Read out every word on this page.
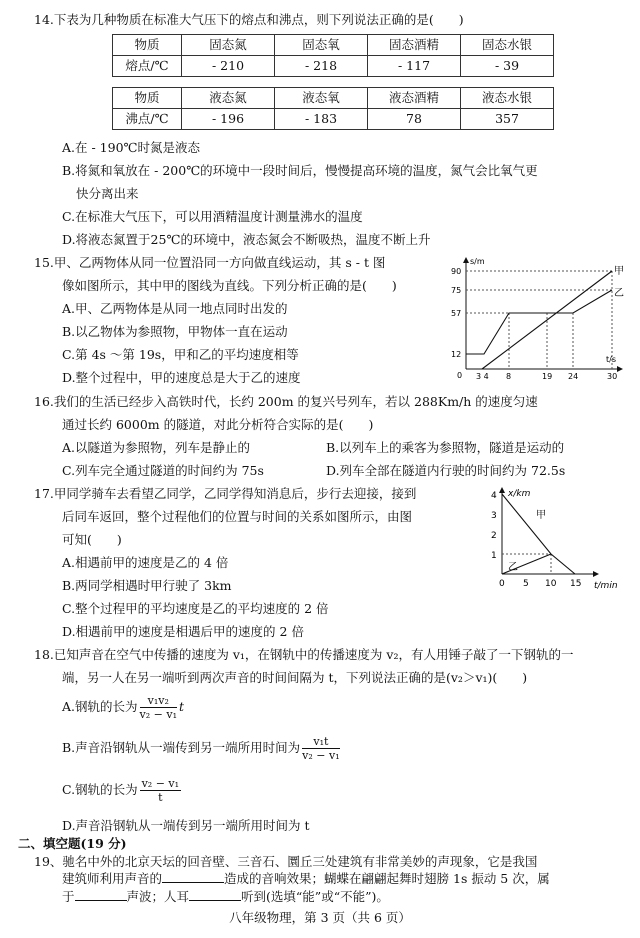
14.下表为几种物质在标准大气压下的熔点和沸点，则下列说法正确的是(　　)
物质	固态氮	固态氧	固态酒精	固态水银
熔点/℃	- 210	- 218	- 117	- 39
物质	液态氮	液态氧	液态酒精	液态水银
沸点/℃	- 196	- 183	78	357
A.在 - 190℃时氮是液态
B.将氮和氧放在 - 200℃的环境中一段时间后，慢慢提高环境的温度，氮气会比氧气更
快分离出来
C.在标准大气压下，可以用酒精温度计测量沸水的温度
D.将液态氮置于25℃的环境中，液态氮会不断吸热，温度不断上升
15.甲、乙两物体从同一位置沿同一方向做直线运动，其 s - t 图
像如图所示，其中甲的图线为直线。下列分析正确的是(　　)
A.甲、乙两物体是从同一地点同时出发的
B.以乙物体为参照物，甲物体一直在运动
C.第 4s ～第 19s，甲和乙的平均速度相等
D.整个过程中，甲的速度总是大于乙的速度
s/m
t/s
90
75
57
12
0 3 4 8	19 24	30
甲
乙
16.我们的生活已经步入高铁时代，长约 200m 的复兴号列车，若以 288Km/h 的速度匀速
通过长约 6000m 的隧道，对此分析符合实际的是(　　)
A.以隧道为参照物，列车是静止的	B.以列车上的乘客为参照物，隧道是运动的
C.列车完全通过隧道的时间约为 75s	D.列车全部在隧道内行驶的时间约为 72.5s
17.甲同学骑车去看望乙同学，乙同学得知消息后，步行去迎接，接到
后同车返回，整个过程他们的位置与时间的关系如图所示，由图
可知(　　)
A.相遇前甲的速度是乙的 4 倍
B.两同学相遇时甲行驶了 3km
C.整个过程甲的平均速度是乙的平均速度的 2 倍
D.相遇前甲的速度是相遇后甲的速度的 2 倍
x/km
t/min
4
3
2
1
0 5 10 15
甲
乙
18.已知声音在空气中传播的速度为 v₁，在钢轨中的传播速度为 v₂，有人用锤子敲了一下钢轨的一
端，另一人在另一端听到两次声音的时间间隔为 t，下列说法正确的是(v₂＞v₁)(　　)
A.钢轨的长为 $\frac{\text{v₁v₂}}{\text{v₂ − v₁}}$ t
B.声音沿钢轨从一端传到另一端所用时间为 $\frac{\text{v₁t}}{\text{v₂ − v₁}}$
C.钢轨的长为 $\frac{\text{v₂ − v₁}}{t}$
D.声音沿钢轨从一端传到另一端所用时间为 t
二、填空题(19 分)
19、驰名中外的北京天坛的回音壁、三音石、圜丘三处建筑有非常美妙的声现象，它是我国
建筑师利用声音的	造成的音响效果；蝴蝶在翩翩起舞时翅膀 1s 振动 5 次，属
八年级物理，第 3 页（共 6 页）
于	声波；人耳	听到(选填“能”或“不能”)。
